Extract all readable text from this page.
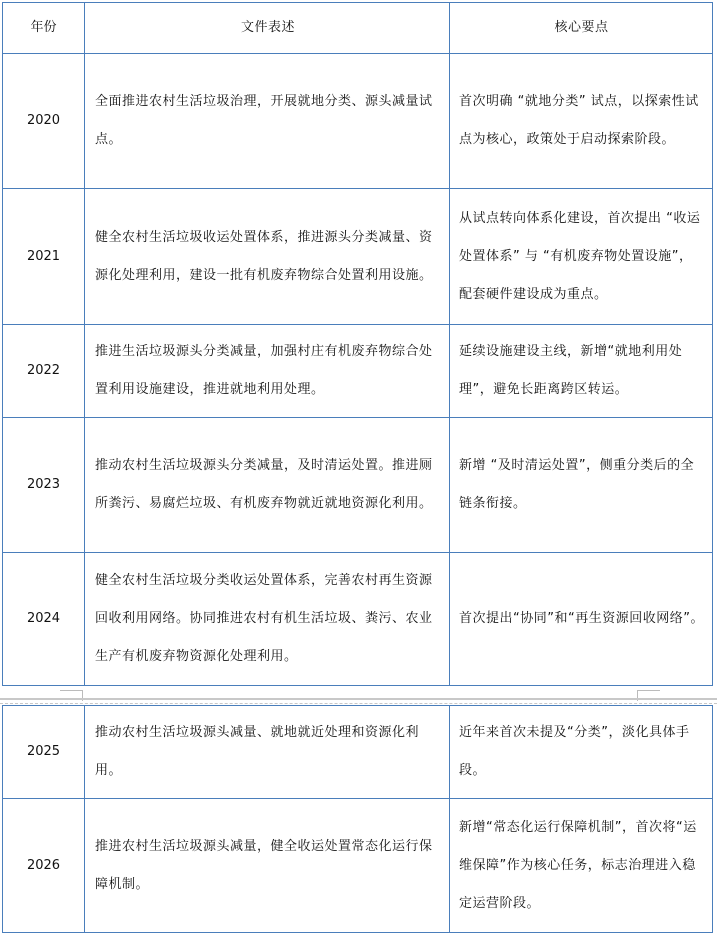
年份	文件表述	核心要点
2020	全面推进农村生活垃圾治理，开展就地分类、源头减量试点。	首次明确 “就地分类” 试点，以探索性试点为核心，政策处于启动探索阶段。
2021	健全农村生活垃圾收运处置体系，推进源头分类减量、资源化处理利用，建设一批有机废弃物综合处置利用设施。	从试点转向体系化建设，首次提出 “收运处置体系” 与 “有机废弃物处置设施”，配套硬件建设成为重点。
2022	推进生活垃圾源头分类减量，加强村庄有机废弃物综合处置利用设施建设，推进就地利用处理。	延续设施建设主线，新增“就地利用处理”，避免长距离跨区转运。
2023	推动农村生活垃圾源头分类减量，及时清运处置。推进厕所粪污、易腐烂垃圾、有机废弃物就近就地资源化利用。	新增 “及时清运处置”，侧重分类后的全链条衔接。
2024	健全农村生活垃圾分类收运处置体系，完善农村再生资源回收利用网络。协同推进农村有机生活垃圾、粪污、农业生产有机废弃物资源化处理利用。	首次提出“协同”和“再生资源回收网络”。
2025	推动农村生活垃圾源头减量、就地就近处理和资源化利用。	近年来首次未提及“分类”，淡化具体手段。
2026	推进农村生活垃圾源头减量，健全收运处置常态化运行保障机制。	新增“常态化运行保障机制”，首次将“运维保障”作为核心任务，标志治理进入稳定运营阶段。
